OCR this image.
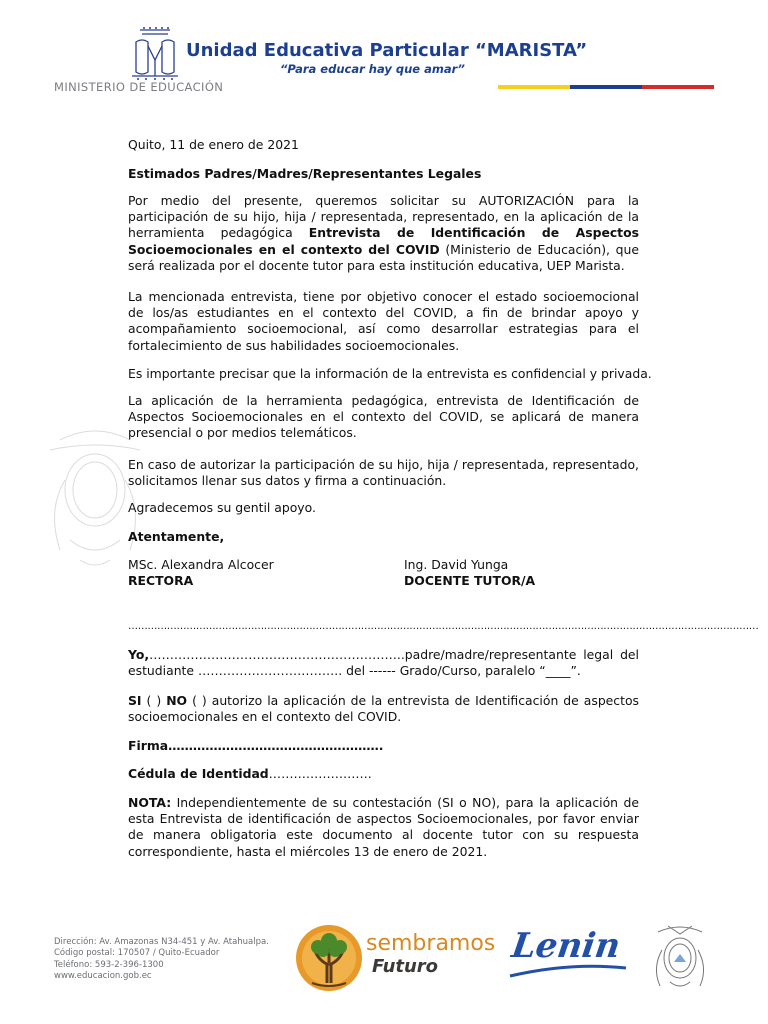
MINISTERIO DE EDUCACIÓN
Unidad Educativa Particular “MARISTA”
“Para educar hay que amar”
Quito, 11 de enero de 2021
Estimados Padres/Madres/Representantes Legales
Por medio del presente, queremos solicitar su AUTORIZACIÓN para la participación de su hijo, hija / representada, representado, en la aplicación de la herramienta pedagógica Entrevista de Identificación de Aspectos Socioemocionales en el contexto del COVID (Ministerio de Educación), que será realizada por el docente tutor para esta institución educativa, UEP Marista.
La mencionada entrevista, tiene por objetivo conocer el estado socioemocional de los/as estudiantes en el contexto del COVID, a fin de brindar apoyo y acompañamiento socioemocional, así como desarrollar estrategias para el fortalecimiento de sus habilidades socioemocionales.
Es importante precisar que la información de la entrevista es confidencial y privada.
La aplicación de la herramienta pedagógica, entrevista de Identificación de Aspectos Socioemocionales en el contexto del COVID, se aplicará de manera presencial o por medios telemáticos.
En caso de autorizar la participación de su hijo, hija / representada, representado, solicitamos llenar sus datos y firma a continuación.
Agradecemos su gentil apoyo.
Atentamente,
MSc. Alexandra Alcocer
RECTORA
Ing. David Yunga
DOCENTE TUTOR/A
……………………………………………………………………………………………………………………………………………………………………………
Yo,……………………………………………………..padre/madre/representante legal del estudiante …………………………….. del ------ Grado/Curso, paralelo “____”.
SI ( ) NO ( ) autorizo la aplicación de la entrevista de Identificación de aspectos socioemocionales en el contexto del COVID.
Firma…………………………………………….
Cédula de Identidad…………………….
NOTA: Independientemente de su contestación (SI o NO), para la aplicación de esta Entrevista de identificación de aspectos Socioemocionales, por favor enviar de manera obligatoria este documento al docente tutor con su respuesta correspondiente, hasta el miércoles 13 de enero de 2021.
Dirección: Av. Amazonas N34-451 y Av. Atahualpa.
Código postal: 170507 / Quito-Ecuador
Teléfono: 593-2-396-1300
www.educacion.gob.ec
sembramos
Futuro
Lenin
